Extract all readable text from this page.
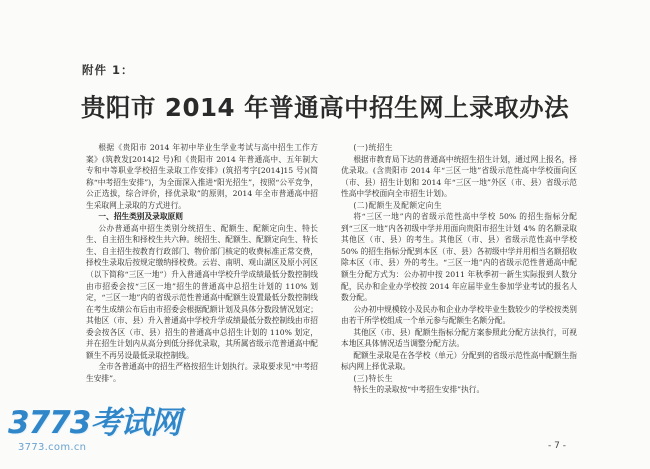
附件 1：
贵阳市 2014 年普通高中招生网上录取办法

根据《贵阳市 2014 年初中毕业生学业考试与高中招生工作方案》(筑教发[2014]2 号)和《贵阳市 2014 年普通高中、五年制大专和中等职业学校招生录取工作安排》(筑招考字[2014]15 号)(简称“中考招生安排”)，为全面深入推进“阳光招生”，按照“公平竞争，公正选拔，综合评价，择优录取”的原则，2014 年全市普通高中招生采取网上录取的方式进行。

一、招生类别及录取原则

公办普通高中招生类别分统招生、配额生、配额定向生、特长生、自主招生和择校生共六种。统招生、配额生、配额定向生、特长生、自主招生按教育行政部门、物价部门核定的收费标准正常交费，择校生录取后按规定缴纳择校费。云岩、南明、观山湖区及原小河区（以下简称“三区一地”）升入普通高中学校升学成绩最低分数控制线由市招委会按“三区一地”招生的普通高中总招生计划的 110% 划定，“三区一地”内的省级示范性普通高中配额生设置最低分数控制线在考生成绩公布后由市招委会根据配额计划及具体分数段情况划定；其他区（市、县）升入普通高中学校升学成绩最低分数控制线由市招委会按各区（市、县）招生的普通高中总招生计划的 110% 划定，并在招生计划内从高分到低分择优录取，其所属省级示范普通高中配额生不再另设最低录取控制线。

全市各普通高中的招生严格按招生计划执行。录取要求见“中考招生安排”。

(一)统招生

根据市教育局下达的普通高中统招生招生计划，通过网上报名，择优录取。(含贵阳市 2014 年“三区一地”省级示范性高中学校面向区（市、县）招生计划和 2014 年“三区一地”外区（市、县）省级示范性高中学校面向全市招生计划)。

(二)配额生及配额定向生

将“三区一地”内的省级示范性高中学校 50% 的招生指标分配到“三区一地”内各初级中学并用面向贵阳市招生计划 4% 的名额录取其他区（市、县）的考生。其他区（市、县）省级示范性高中学校 50% 的招生指标分配到本区（市、县）各初级中学并用相当名额招收除本区（市、县）外的考生。“三区一地”内的省级示范性普通高中配额生分配方式为：公办初中按 2011 年秋季初一新生实际报到人数分配，民办和企业办学校按 2014 年应届毕业生参加学业考试的报名人数分配。

公办初中规模较小及民办和企业办学校毕业生数较少的学校按类别由若干所学校组成一个单元参与配额生名额分配。

其他区（市、县）配额生指标分配方案参照此分配方法执行，可视本地区具体情况适当调整分配方法。

配额生录取是在各学校（单元）分配到的省级示范性高中配额生指标内网上择优录取。

(三)特长生

特长生的录取按“中考招生安排”执行。

- 7 -
3773考试网
3773.com.cn
